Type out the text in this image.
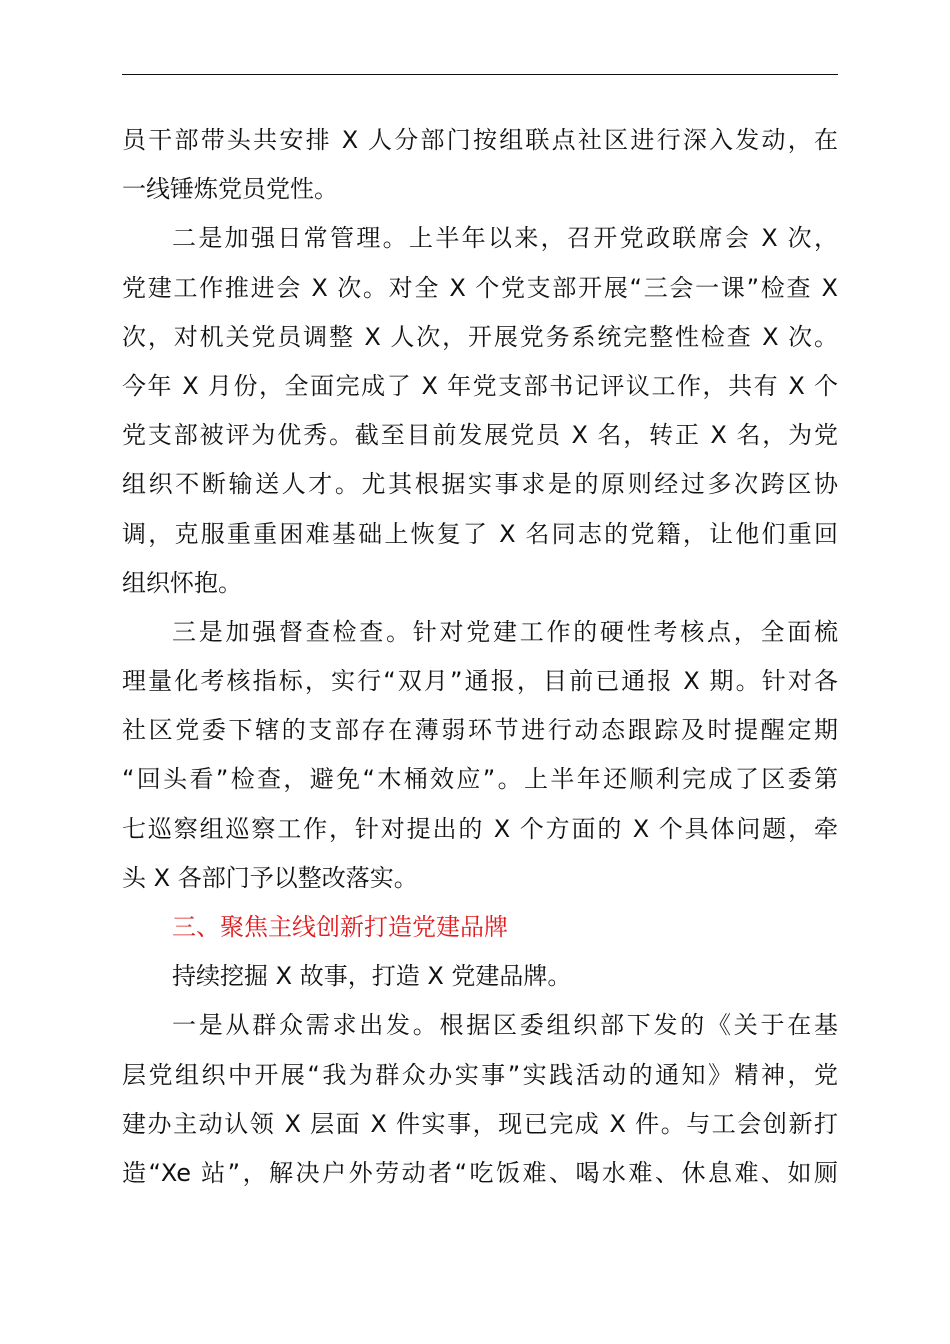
员干部带头共安排 X 人分部门按组联点社区进行深入发动，在
一线锤炼党员党性。
二是加强日常管理。上半年以来，召开党政联席会 X 次，
党建工作推进会 X 次。对全 X 个党支部开展“三会一课”检查 X
次，对机关党员调整 X 人次，开展党务系统完整性检查 X 次。
今年 X 月份，全面完成了 X 年党支部书记评议工作，共有 X 个
党支部被评为优秀。截至目前发展党员 X 名，转正 X 名，为党
组织不断输送人才。尤其根据实事求是的原则经过多次跨区协
调，克服重重困难基础上恢复了 X 名同志的党籍，让他们重回
组织怀抱。
三是加强督查检查。针对党建工作的硬性考核点，全面梳
理量化考核指标，实行“双月”通报，目前已通报 X 期。针对各
社区党委下辖的支部存在薄弱环节进行动态跟踪及时提醒定期
“回头看”检查，避免“木桶效应”。上半年还顺利完成了区委第
七巡察组巡察工作，针对提出的 X 个方面的 X 个具体问题，牵
头 X 各部门予以整改落实。
三、聚焦主线创新打造党建品牌
持续挖掘 X 故事，打造 X 党建品牌。
一是从群众需求出发。根据区委组织部下发的《关于在基
层党组织中开展“我为群众办实事”实践活动的通知》精神，党
建办主动认领 X 层面 X 件实事，现已完成 X 件。与工会创新打
造“Xe 站”，解决户外劳动者“吃饭难、喝水难、休息难、如厕
